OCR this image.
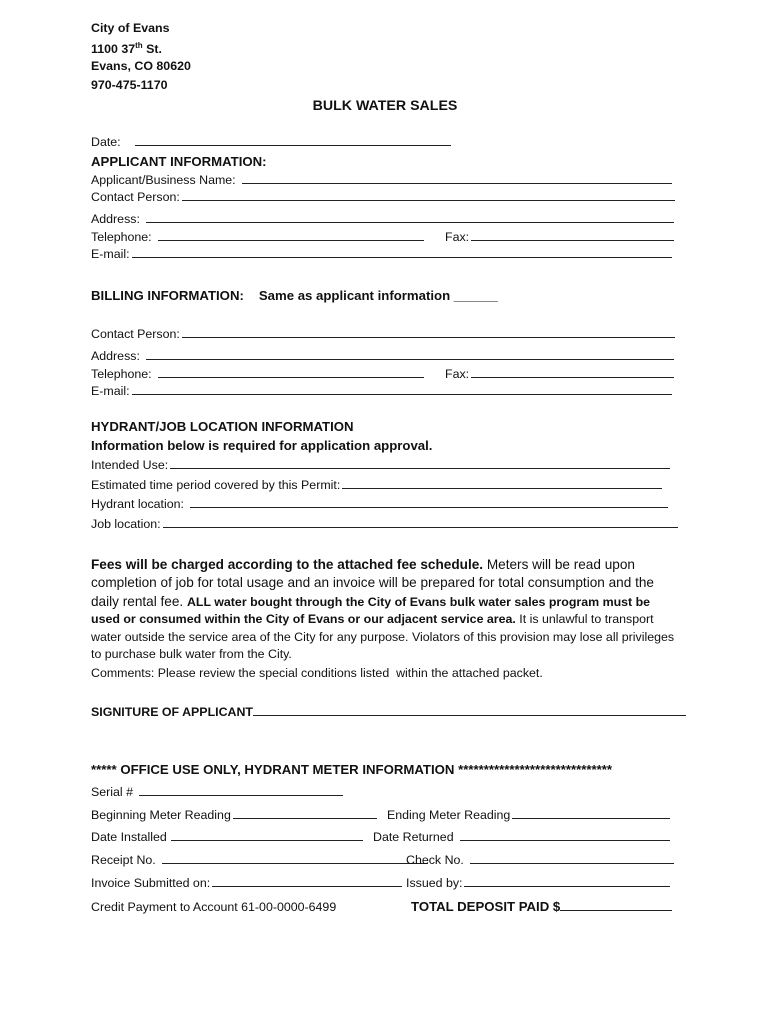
City of Evans
1100 37th St.
Evans, CO 80620
970-475-1170
BULK WATER SALES
Date:
APPLICANT INFORMATION:
Applicant/Business Name:
Contact Person:
Address:
Telephone:	Fax:
E-mail:
BILLING INFORMATION: Same as applicant information ______
Contact Person:
Address:
Telephone:	Fax:
E-mail:
HYDRANT/JOB LOCATION INFORMATION
Information below is required for application approval.
Intended Use:
Estimated time period covered by this Permit:
Hydrant location:
Job location:
Fees will be charged according to the attached fee schedule. Meters will be read upon completion of job for total usage and an invoice will be prepared for total consumption and the daily rental fee. ALL water bought through the City of Evans bulk water sales program must be used or consumed within the City of Evans or our adjacent service area. It is unlawful to transport water outside the service area of the City for any purpose. Violators of this provision may lose all privileges to purchase bulk water from the City.
Comments: Please review the special conditions listed  within the attached packet.
SIGNITURE OF APPLICANT
***** OFFICE USE ONLY, HYDRANT METER INFORMATION ******************************
Serial #
Beginning Meter Reading	Ending Meter Reading
Date Installed	Date Returned
Receipt No.	Check No.
Invoice Submitted on:	Issued by:
Credit Payment to Account 61-00-0000-6499	TOTAL DEPOSIT PAID $
